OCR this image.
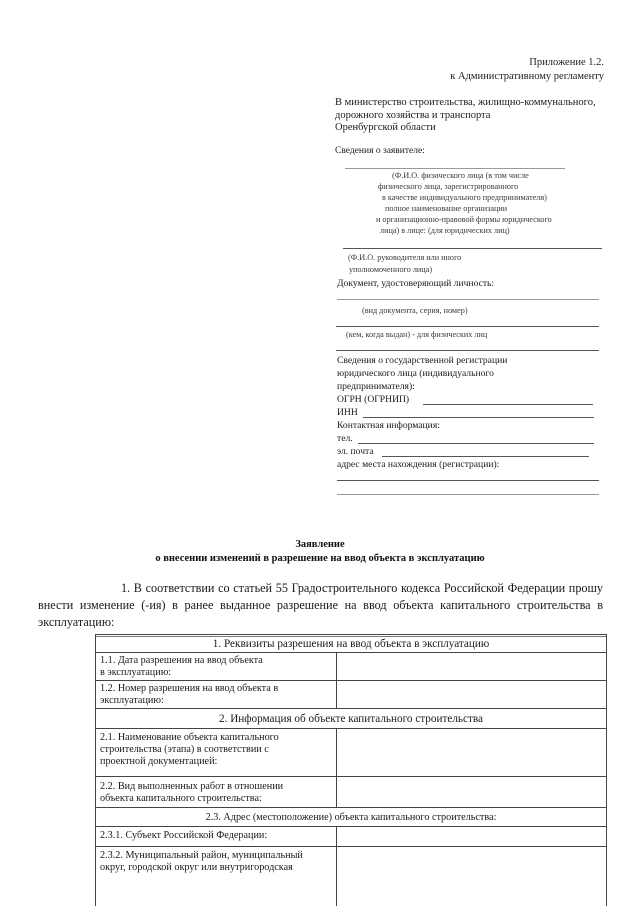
Приложение 1.2.
к Административному регламенту
В министерство строительства, жилищно-коммунального,
дорожного хозяйства и транспорта
Оренбургской области
Сведения о заявителе:
(Ф.И.О. физического лица (в том числе
физического лица, зарегистрированного
в качестве индивидуального предпринимателя)
полное наименование организации
и организационно-правовой формы юридического
лица) в лице: (для юридических лиц)
(Ф.И.О. руководителя или иного
уполномоченного лица)
Документ, удостоверяющий личность:
(вид документа, серия, номер)
(кем, когда выдан) - для физических лиц
Сведения о государственной регистрации
юридического лица (индивидуального
предпринимателя):
ОГРН (ОГРНИП)
ИНН
Контактная информация:
тел.
эл. почта
адрес места нахождения (регистрации):
Заявление
о внесении изменений в разрешение на ввод объекта в эксплуатацию
1. В соответствии со статьей 55 Градостроительного кодекса Российской Федерации прошу внести изменение (-ия) в ранее выданное разрешение на ввод объекта капитального строительства в эксплуатацию:
1. Реквизиты разрешения на ввод объекта в эксплуатацию
1.1. Дата разрешения на ввод объекта
в эксплуатацию:
1.2. Номер разрешения на ввод объекта в
эксплуатацию:
2. Информация об объекте капитального строительства
2.1. Наименование объекта капитального
строительства (этапа) в соответствии с
проектной документацией:
2.2. Вид выполненных работ в отношении
объекта капитального строительства:
2.3. Адрес (местоположение) объекта капитального строительства:
2.3.1. Субъект Российской Федерации:
2.3.2. Муниципальный район, муниципальный
округ, городской округ или внутригородская
